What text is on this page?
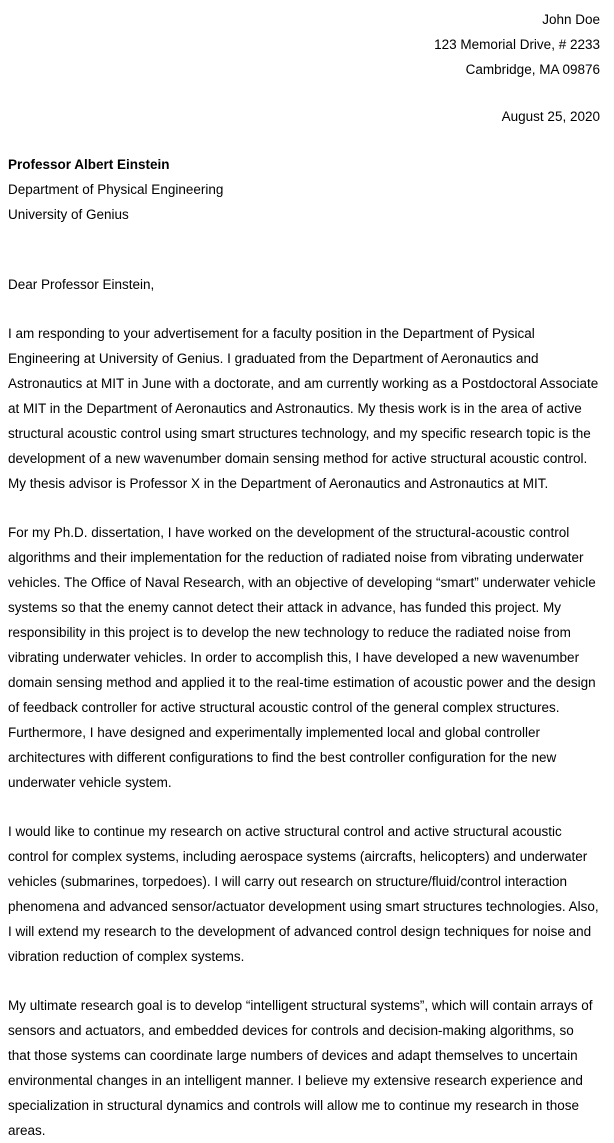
John Doe
123 Memorial Drive, # 2233
Cambridge, MA 09876
August 25, 2020
Professor Albert Einstein
Department of Physical Engineering
University of Genius
Dear Professor Einstein,

I am responding to your advertisement for a faculty position in the Department of Pysical Engineering at University of Genius. I graduated from the Department of Aeronautics and Astronautics at MIT in June with a doctorate, and am currently working as a Postdoctoral Associate at MIT in the Department of Aeronautics and Astronautics. My thesis work is in the area of active structural acoustic control using smart structures technology, and my specific research topic is the development of a new wavenumber domain sensing method for active structural acoustic control. My thesis advisor is Professor X in the Department of Aeronautics and Astronautics at MIT.

For my Ph.D. dissertation, I have worked on the development of the structural-acoustic control algorithms and their implementation for the reduction of radiated noise from vibrating underwater vehicles. The Office of Naval Research, with an objective of developing “smart” underwater vehicle systems so that the enemy cannot detect their attack in advance, has funded this project. My responsibility in this project is to develop the new technology to reduce the radiated noise from vibrating underwater vehicles. In order to accomplish this, I have developed a new wavenumber domain sensing method and applied it to the real-time estimation of acoustic power and the design of feedback controller for active structural acoustic control of the general complex structures. Furthermore, I have designed and experimentally implemented local and global controller architectures with different configurations to find the best controller configuration for the new underwater vehicle system.

I would like to continue my research on active structural control and active structural acoustic control for complex systems, including aerospace systems (aircrafts, helicopters) and underwater vehicles (submarines, torpedoes). I will carry out research on structure/fluid/control interaction phenomena and advanced sensor/actuator development using smart structures technologies. Also, I will extend my research to the development of advanced control design techniques for noise and vibration reduction of complex systems.

My ultimate research goal is to develop “intelligent structural systems”, which will contain arrays of sensors and actuators, and embedded devices for controls and decision-making algorithms, so that those systems can coordinate large numbers of devices and adapt themselves to uncertain environmental changes in an intelligent manner. I believe my extensive research experience and specialization in structural dynamics and controls will allow me to continue my research in those areas.
